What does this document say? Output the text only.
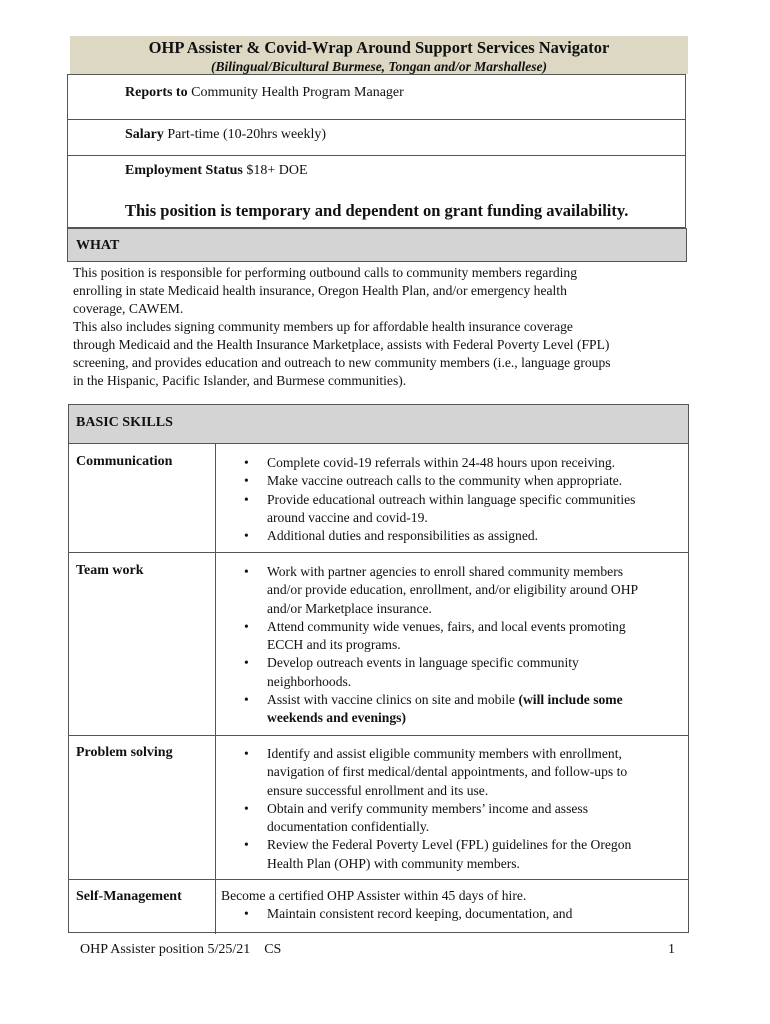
OHP Assister & Covid-Wrap Around Support Services Navigator
(Bilingual/Bicultural Burmese, Tongan and/or Marshallese)
Reports to Community Health Program Manager
Salary Part-time (10-20hrs weekly)
Employment Status $18+ DOE
This position is temporary and dependent on grant funding availability.
WHAT

This position is responsible for performing outbound calls to community members regarding

enrolling in state Medicaid health insurance, Oregon Health Plan, and/or emergency health

coverage, CAWEM.

This also includes signing community members up for affordable health insurance coverage

through Medicaid and the Health Insurance Marketplace, assists with Federal Poverty Level (FPL)

screening, and provides education and outreach to new community members (i.e., language groups

in the Hispanic, Pacific Islander, and Burmese communities).

BASIC SKILLS
Communication	• Complete covid-19 referrals within 24-48 hours upon receiving.
• Make vaccine outreach calls to the community when appropriate.
• Provide educational outreach within language specific communities
around vaccine and covid-19.
• Additional duties and responsibilities as assigned.
Team work	• Work with partner agencies to enroll shared community members
and/or provide education, enrollment, and/or eligibility around OHP
and/or Marketplace insurance.
• Attend community wide venues, fairs, and local events promoting
ECCH and its programs.
• Develop outreach events in language specific community
neighborhoods.
• Assist with vaccine clinics on site and mobile (will include some
weekends and evenings)
Problem solving	• Identify and assist eligible community members with enrollment,
navigation of first medical/dental appointments, and follow-ups to
ensure successful enrollment and its use.
• Obtain and verify community members’ income and assess
documentation confidentially.
• Review the Federal Poverty Level (FPL) guidelines for the Oregon
Health Plan (OHP) with community members.
Self-Management	Become a certified OHP Assister within 45 days of hire.

• Maintain consistent record keeping, documentation, and
OHP Assister position 5/25/21    CS	1
